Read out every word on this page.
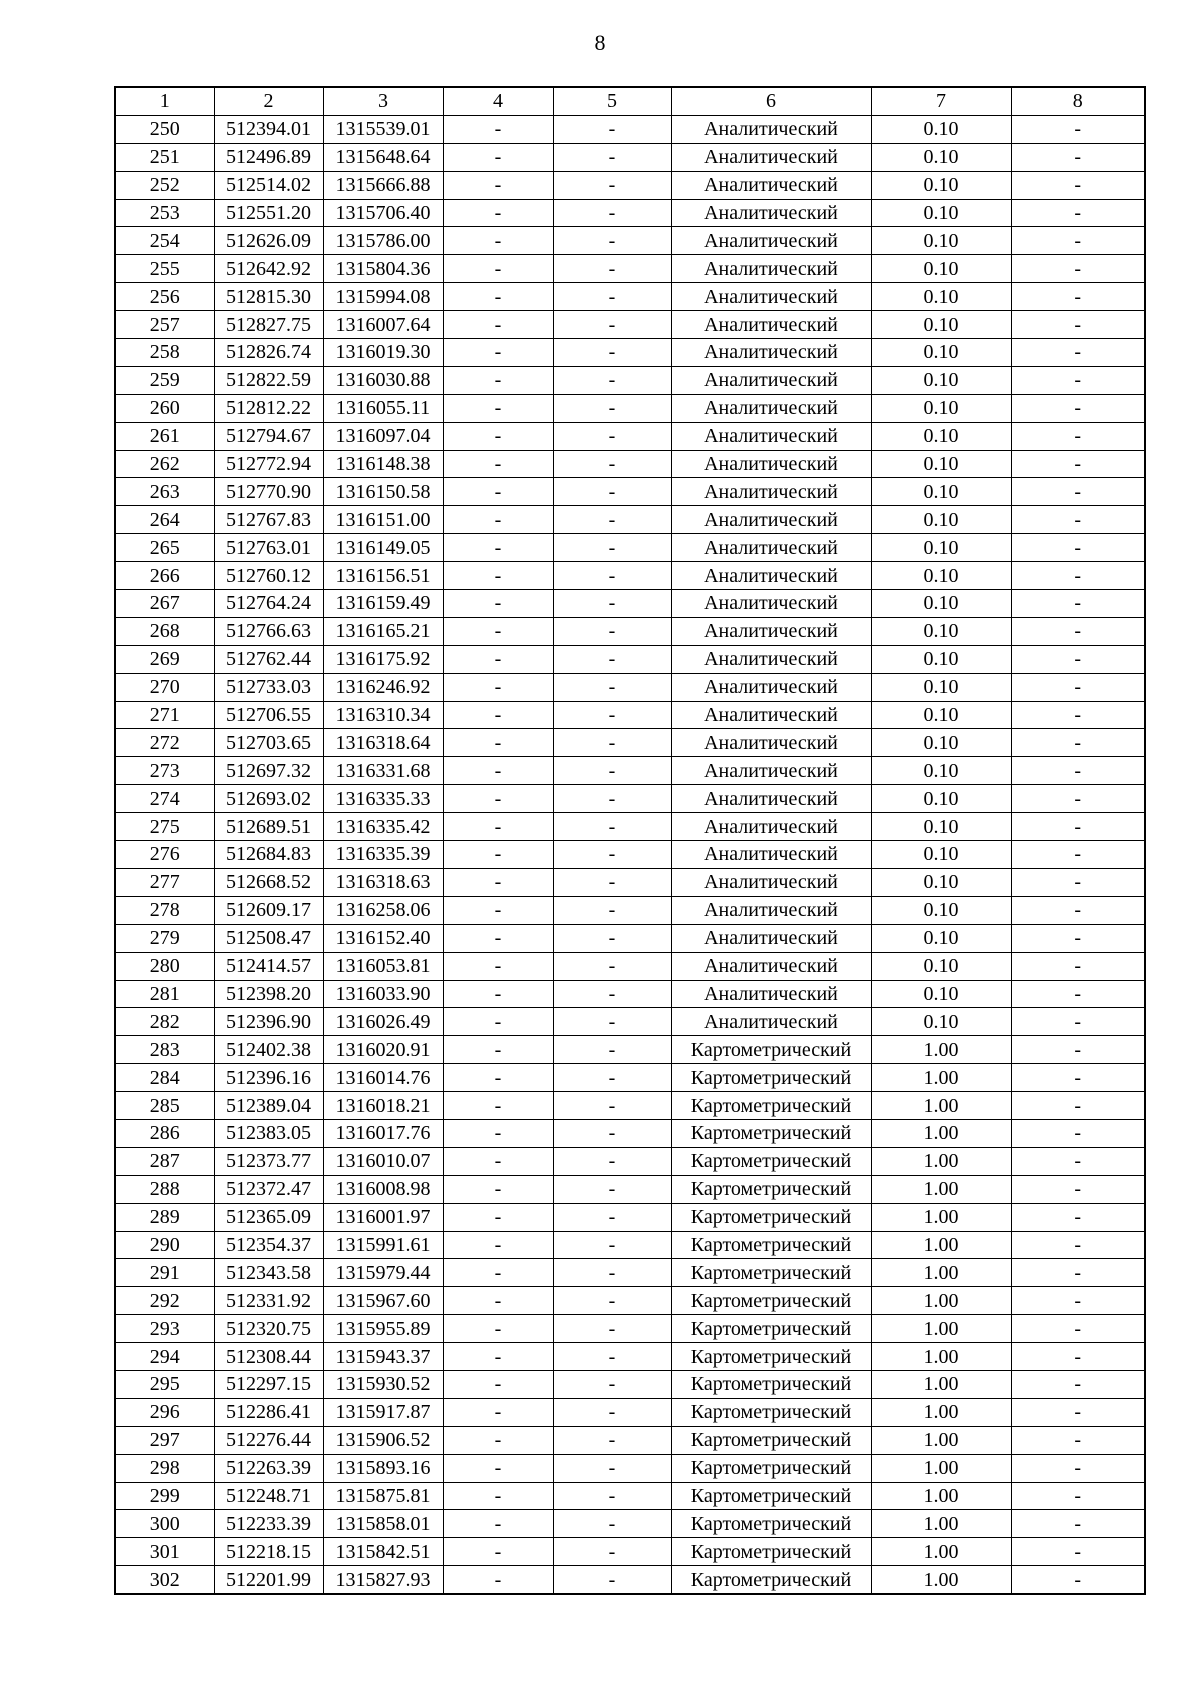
8
1	2	3	4	5	6	7	8
250	512394.01	1315539.01	-	-	Аналитический	0.10	-
251	512496.89	1315648.64	-	-	Аналитический	0.10	-
252	512514.02	1315666.88	-	-	Аналитический	0.10	-
253	512551.20	1315706.40	-	-	Аналитический	0.10	-
254	512626.09	1315786.00	-	-	Аналитический	0.10	-
255	512642.92	1315804.36	-	-	Аналитический	0.10	-
256	512815.30	1315994.08	-	-	Аналитический	0.10	-
257	512827.75	1316007.64	-	-	Аналитический	0.10	-
258	512826.74	1316019.30	-	-	Аналитический	0.10	-
259	512822.59	1316030.88	-	-	Аналитический	0.10	-
260	512812.22	1316055.11	-	-	Аналитический	0.10	-
261	512794.67	1316097.04	-	-	Аналитический	0.10	-
262	512772.94	1316148.38	-	-	Аналитический	0.10	-
263	512770.90	1316150.58	-	-	Аналитический	0.10	-
264	512767.83	1316151.00	-	-	Аналитический	0.10	-
265	512763.01	1316149.05	-	-	Аналитический	0.10	-
266	512760.12	1316156.51	-	-	Аналитический	0.10	-
267	512764.24	1316159.49	-	-	Аналитический	0.10	-
268	512766.63	1316165.21	-	-	Аналитический	0.10	-
269	512762.44	1316175.92	-	-	Аналитический	0.10	-
270	512733.03	1316246.92	-	-	Аналитический	0.10	-
271	512706.55	1316310.34	-	-	Аналитический	0.10	-
272	512703.65	1316318.64	-	-	Аналитический	0.10	-
273	512697.32	1316331.68	-	-	Аналитический	0.10	-
274	512693.02	1316335.33	-	-	Аналитический	0.10	-
275	512689.51	1316335.42	-	-	Аналитический	0.10	-
276	512684.83	1316335.39	-	-	Аналитический	0.10	-
277	512668.52	1316318.63	-	-	Аналитический	0.10	-
278	512609.17	1316258.06	-	-	Аналитический	0.10	-
279	512508.47	1316152.40	-	-	Аналитический	0.10	-
280	512414.57	1316053.81	-	-	Аналитический	0.10	-
281	512398.20	1316033.90	-	-	Аналитический	0.10	-
282	512396.90	1316026.49	-	-	Аналитический	0.10	-
283	512402.38	1316020.91	-	-	Картометрический	1.00	-
284	512396.16	1316014.76	-	-	Картометрический	1.00	-
285	512389.04	1316018.21	-	-	Картометрический	1.00	-
286	512383.05	1316017.76	-	-	Картометрический	1.00	-
287	512373.77	1316010.07	-	-	Картометрический	1.00	-
288	512372.47	1316008.98	-	-	Картометрический	1.00	-
289	512365.09	1316001.97	-	-	Картометрический	1.00	-
290	512354.37	1315991.61	-	-	Картометрический	1.00	-
291	512343.58	1315979.44	-	-	Картометрический	1.00	-
292	512331.92	1315967.60	-	-	Картометрический	1.00	-
293	512320.75	1315955.89	-	-	Картометрический	1.00	-
294	512308.44	1315943.37	-	-	Картометрический	1.00	-
295	512297.15	1315930.52	-	-	Картометрический	1.00	-
296	512286.41	1315917.87	-	-	Картометрический	1.00	-
297	512276.44	1315906.52	-	-	Картометрический	1.00	-
298	512263.39	1315893.16	-	-	Картометрический	1.00	-
299	512248.71	1315875.81	-	-	Картометрический	1.00	-
300	512233.39	1315858.01	-	-	Картометрический	1.00	-
301	512218.15	1315842.51	-	-	Картометрический	1.00	-
302	512201.99	1315827.93	-	-	Картометрический	1.00	-
